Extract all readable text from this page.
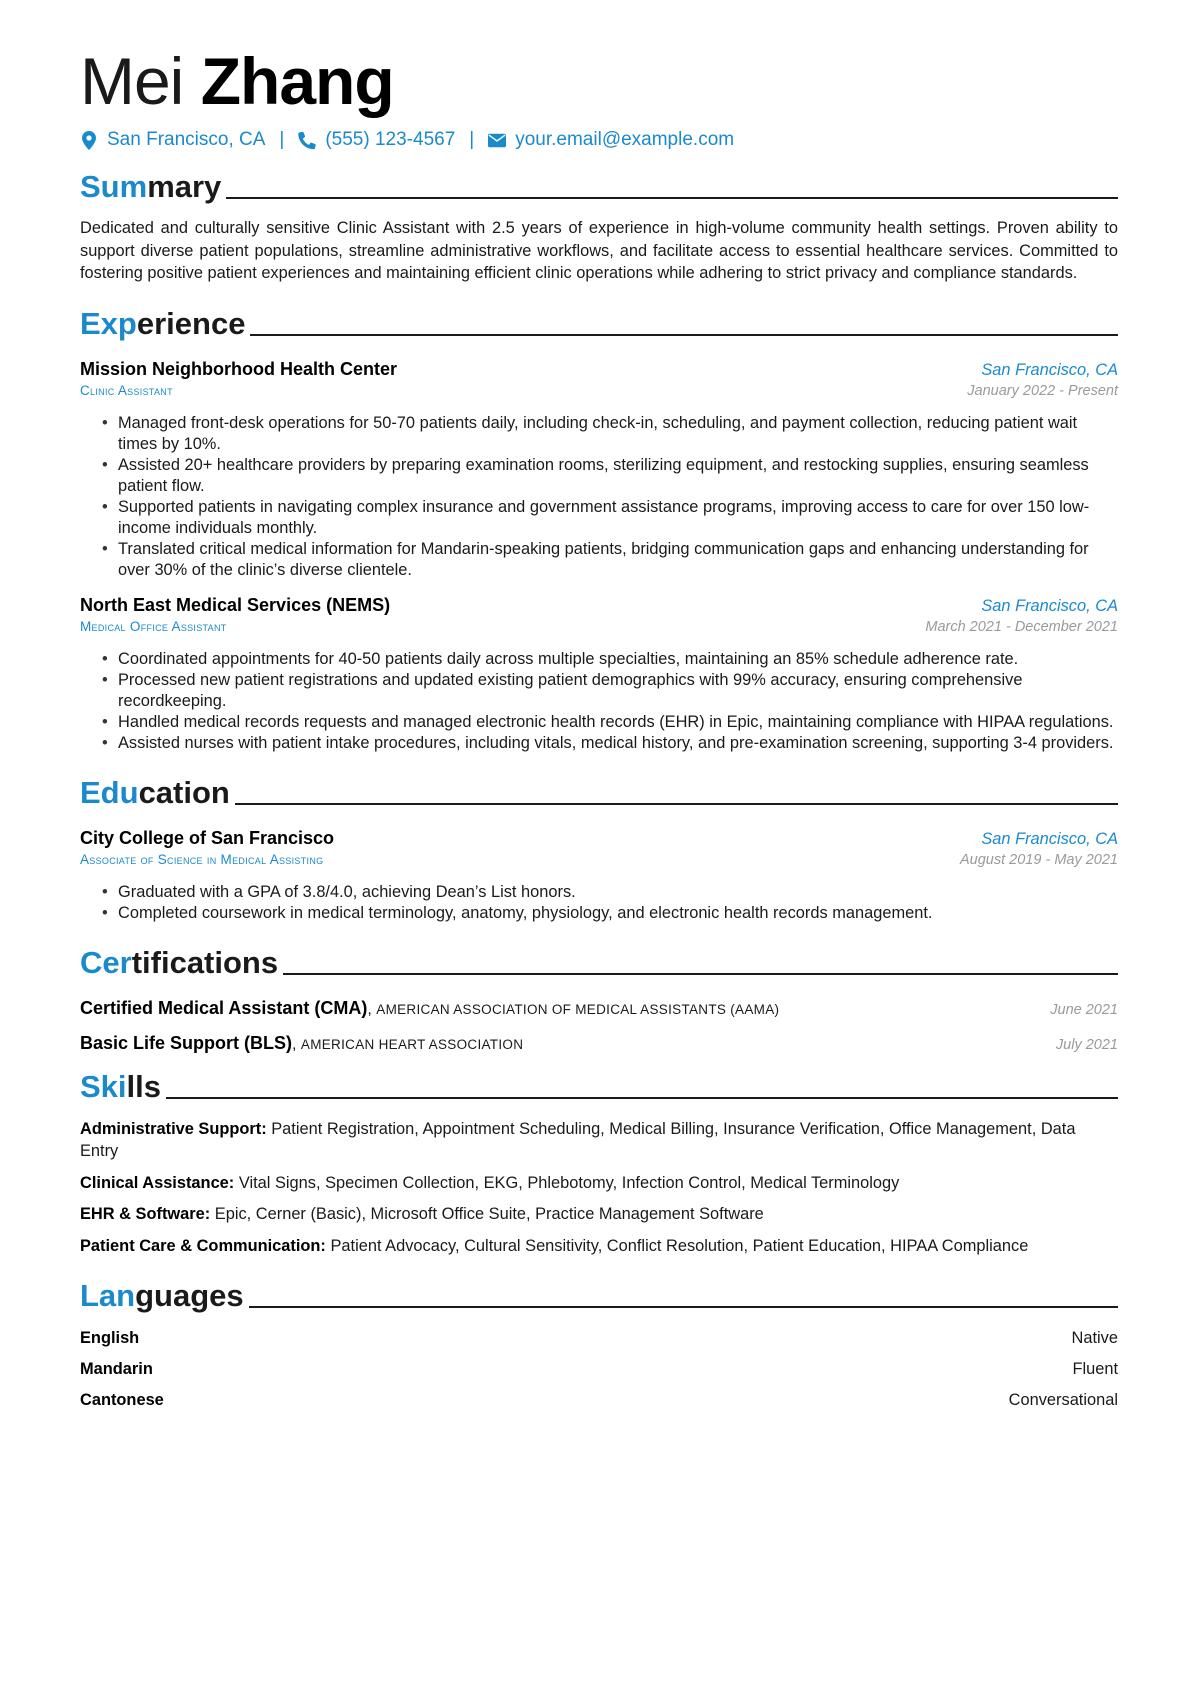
Mei Zhang
San Francisco, CA | (555) 123-4567 | your.email@example.com
Summary

Dedicated and culturally sensitive Clinic Assistant with 2.5 years of experience in high-volume community health settings. Proven ability to support diverse patient populations, streamline administrative workflows, and facilitate access to essential healthcare services. Committed to fostering positive patient experiences and maintaining efficient clinic operations while adhering to strict privacy and compliance standards.

Experience
Mission Neighborhood Health Center	San Francisco, CA
Clinic Assistant	January 2022 - Present
• Managed front-desk operations for 50-70 patients daily, including check-in, scheduling, and payment collection, reducing patient wait times by 10%.
• Assisted 20+ healthcare providers by preparing examination rooms, sterilizing equipment, and restocking supplies, ensuring seamless patient flow.
• Supported patients in navigating complex insurance and government assistance programs, improving access to care for over 150 low-income individuals monthly.
• Translated critical medical information for Mandarin-speaking patients, bridging communication gaps and enhancing understanding for over 30% of the clinic’s diverse clientele.
North East Medical Services (NEMS)	San Francisco, CA
Medical Office Assistant	March 2021 - December 2021
• Coordinated appointments for 40-50 patients daily across multiple specialties, maintaining an 85% schedule adherence rate.
• Processed new patient registrations and updated existing patient demographics with 99% accuracy, ensuring comprehensive recordkeeping.
• Handled medical records requests and managed electronic health records (EHR) in Epic, maintaining compliance with HIPAA regulations.
• Assisted nurses with patient intake procedures, including vitals, medical history, and pre-examination screening, supporting 3-4 providers.
Education
City College of San Francisco	San Francisco, CA
Associate of Science in Medical Assisting	August 2019 - May 2021
• Graduated with a GPA of 3.8/4.0, achieving Dean’s List honors.
• Completed coursework in medical terminology, anatomy, physiology, and electronic health records management.
Certifications
Certified Medical Assistant (CMA), AMERICAN ASSOCIATION OF MEDICAL ASSISTANTS (AAMA)	June 2021
Basic Life Support (BLS), AMERICAN HEART ASSOCIATION	July 2021
Skills

Administrative Support: Patient Registration, Appointment Scheduling, Medical Billing, Insurance Verification, Office Management, Data Entry

Clinical Assistance: Vital Signs, Specimen Collection, EKG, Phlebotomy, Infection Control, Medical Terminology

EHR & Software: Epic, Cerner (Basic), Microsoft Office Suite, Practice Management Software

Patient Care & Communication: Patient Advocacy, Cultural Sensitivity, Conflict Resolution, Patient Education, HIPAA Compliance

Languages
English	Native
Mandarin	Fluent
Cantonese	Conversational
